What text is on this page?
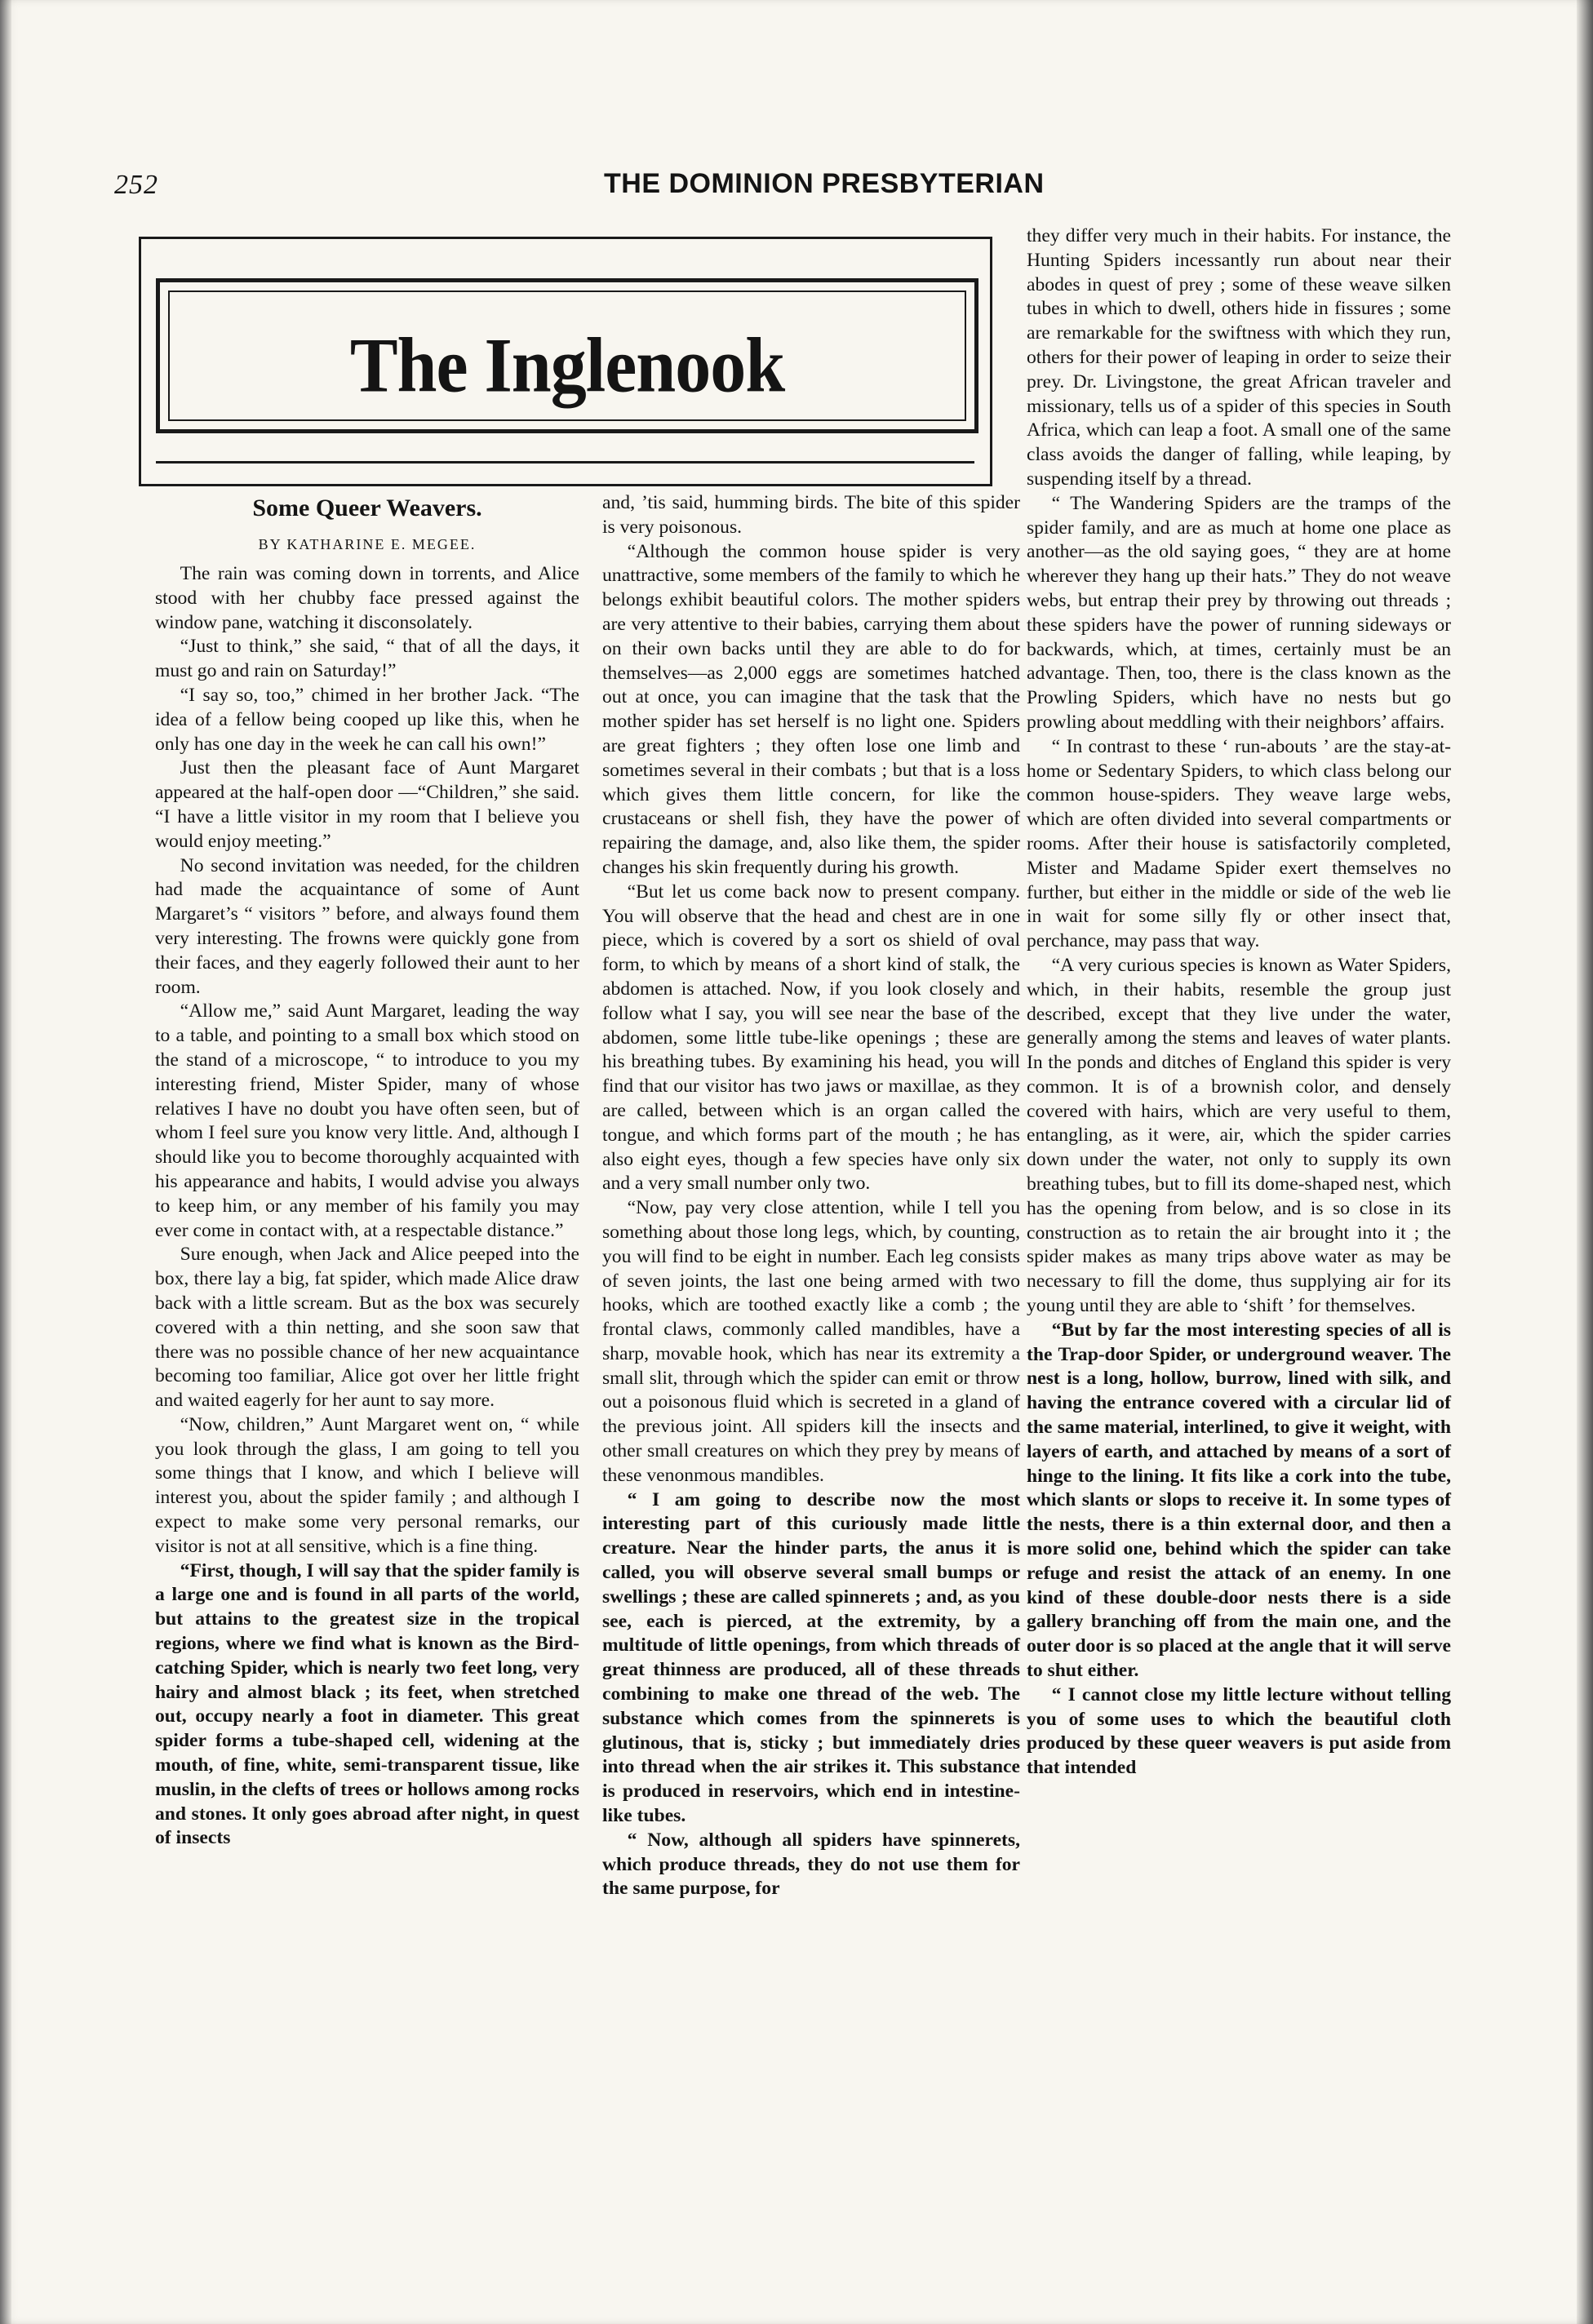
252	THE DOMINION PRESBYTERIAN
The Inglenook

Some Queer Weavers.

BY KATHARINE E. MEGEE.

The rain was coming down in torrents, and Alice stood with her chubby face pressed against the window pane, watching it disconsolately.

“Just to think,” she said, “ that of all the days, it must go and rain on Saturday!”

“I say so, too,” chimed in her brother Jack. “The idea of a fellow being cooped up like this, when he only has one day in the week he can call his own!”

Just then the pleasant face of Aunt Margaret appeared at the half-open door —“Children,” she said. “I have a little visitor in my room that I believe you would enjoy meeting.”

No second invitation was needed, for the children had made the acquaintance of some of Aunt Margaret’s “ visitors ” before, and always found them very interesting. The frowns were quickly gone from their faces, and they eagerly followed their aunt to her room.

“Allow me,” said Aunt Margaret, leading the way to a table, and pointing to a small box which stood on the stand of a microscope, “ to introduce to you my interesting friend, Mister Spider, many of whose relatives I have no doubt you have often seen, but of whom I feel sure you know very little. And, although I should like you to become thoroughly acquainted with his appearance and habits, I would advise you always to keep him, or any member of his family you may ever come in contact with, at a respectable distance.”

Sure enough, when Jack and Alice peeped into the box, there lay a big, fat spider, which made Alice draw back with a little scream. But as the box was securely covered with a thin netting, and she soon saw that there was no possible chance of her new acquaintance becoming too familiar, Alice got over her little fright and waited eagerly for her aunt to say more.

“Now, children,” Aunt Margaret went on, “ while you look through the glass, I am going to tell you some things that I know, and which I believe will interest you, about the spider family ; and although I expect to make some very personal remarks, our visitor is not at all sensitive, which is a fine thing.

“First, though, I will say that the spider family is a large one and is found in all parts of the world, but attains to the greatest size in the tropical regions, where we find what is known as the Bird-catching Spider, which is nearly two feet long, very hairy and almost black ; its feet, when stretched out, occupy nearly a foot in diameter. This great spider forms a tube-shaped cell, widening at the mouth, of fine, white, semi-transparent tissue, like muslin, in the clefts of trees or hollows among rocks and stones. It only goes abroad after night, in quest of insects

and, ’tis said, humming birds. The bite of this spider is very poisonous.

“Although the common house spider is very unattractive, some members of the family to which he belongs exhibit beautiful colors. The mother spiders are very attentive to their babies, carrying them about on their own backs until they are able to do for themselves—as 2,000 eggs are sometimes hatched out at once, you can imagine that the task that the mother spider has set herself is no light one. Spiders are great fighters ; they often lose one limb and sometimes several in their combats ; but that is a loss which gives them little concern, for like the crustaceans or shell fish, they have the power of repairing the damage, and, also like them, the spider changes his skin frequently during his growth.

“But let us come back now to present company. You will observe that the head and chest are in one piece, which is covered by a sort os shield of oval form, to which by means of a short kind of stalk, the abdomen is attached. Now, if you look closely and follow what I say, you will see near the base of the abdomen, some little tube-like openings ; these are his breathing tubes. By examining his head, you will find that our visitor has two jaws or maxillae, as they are called, between which is an organ called the tongue, and which forms part of the mouth ; he has also eight eyes, though a few species have only six and a very small number only two.

“Now, pay very close attention, while I tell you something about those long legs, which, by counting, you will find to be eight in number. Each leg consists of seven joints, the last one being armed with two hooks, which are toothed exactly like a comb ; the frontal claws, commonly called mandibles, have a sharp, movable hook, which has near its extremity a small slit, through which the spider can emit or throw out a poisonous fluid which is secreted in a gland of the previous joint. All spiders kill the insects and other small creatures on which they prey by means of these venonmous mandibles.

“ I am going to describe now the most interesting part of this curiously made little creature. Near the hinder parts, the anus it is called, you will observe several small bumps or swellings ; these are called spinnerets ; and, as you see, each is pierced, at the extremity, by a multitude of little openings, from which threads of great thinness are produced, all of these threads combining to make one thread of the web. The substance which comes from the spinnerets is glutinous, that is, sticky ; but immediately dries into thread when the air strikes it. This substance is produced in reservoirs, which end in intestine-like tubes.

“ Now, although all spiders have spinnerets, which produce threads, they do not use them for the same purpose, for

they differ very much in their habits. For instance, the Hunting Spiders incessantly run about near their abodes in quest of prey ; some of these weave silken tubes in which to dwell, others hide in fissures ; some are remarkable for the swiftness with which they run, others for their power of leaping in order to seize their prey. Dr. Livingstone, the great African traveler and missionary, tells us of a spider of this species in South Africa, which can leap a foot. A small one of the same class avoids the danger of falling, while leaping, by suspending itself by a thread.

“ The Wandering Spiders are the tramps of the spider family, and are as much at home one place as another—as the old saying goes, “ they are at home wherever they hang up their hats.” They do not weave webs, but entrap their prey by throwing out threads ; these spiders have the power of running sideways or backwards, which, at times, certainly must be an advantage. Then, too, there is the class known as the Prowling Spiders, which have no nests but go prowling about meddling with their neighbors’ affairs.

“ In contrast to these ‘ run-abouts ’ are the stay-at-home or Sedentary Spiders, to which class belong our common house-spiders. They weave large webs, which are often divided into several compartments or rooms. After their house is satisfactorily completed, Mister and Madame Spider exert themselves no further, but either in the middle or side of the web lie in wait for some silly fly or other insect that, perchance, may pass that way.

“A very curious species is known as Water Spiders, which, in their habits, resemble the group just described, except that they live under the water, generally among the stems and leaves of water plants. In the ponds and ditches of England this spider is very common. It is of a brownish color, and densely covered with hairs, which are very useful to them, entangling, as it were, air, which the spider carries down under the water, not only to supply its own breathing tubes, but to fill its dome-shaped nest, which has the opening from below, and is so close in its construction as to retain the air brought into it ; the spider makes as many trips above water as may be necessary to fill the dome, thus supplying air for its young until they are able to ‘shift ’ for themselves.

“But by far the most interesting species of all is the Trap-door Spider, or underground weaver. The nest is a long, hollow, burrow, lined with silk, and having the entrance covered with a circular lid of the same material, interlined, to give it weight, with layers of earth, and attached by means of a sort of hinge to the lining. It fits like a cork into the tube, which slants or slops to receive it. In some types of the nests, there is a thin external door, and then a more solid one, behind which the spider can take refuge and resist the attack of an enemy. In one kind of these double-door nests there is a side gallery branching off from the main one, and the outer door is so placed at the angle that it will serve to shut either.

“ I cannot close my little lecture without telling you of some uses to which the beautiful cloth produced by these queer weavers is put aside from that intended
